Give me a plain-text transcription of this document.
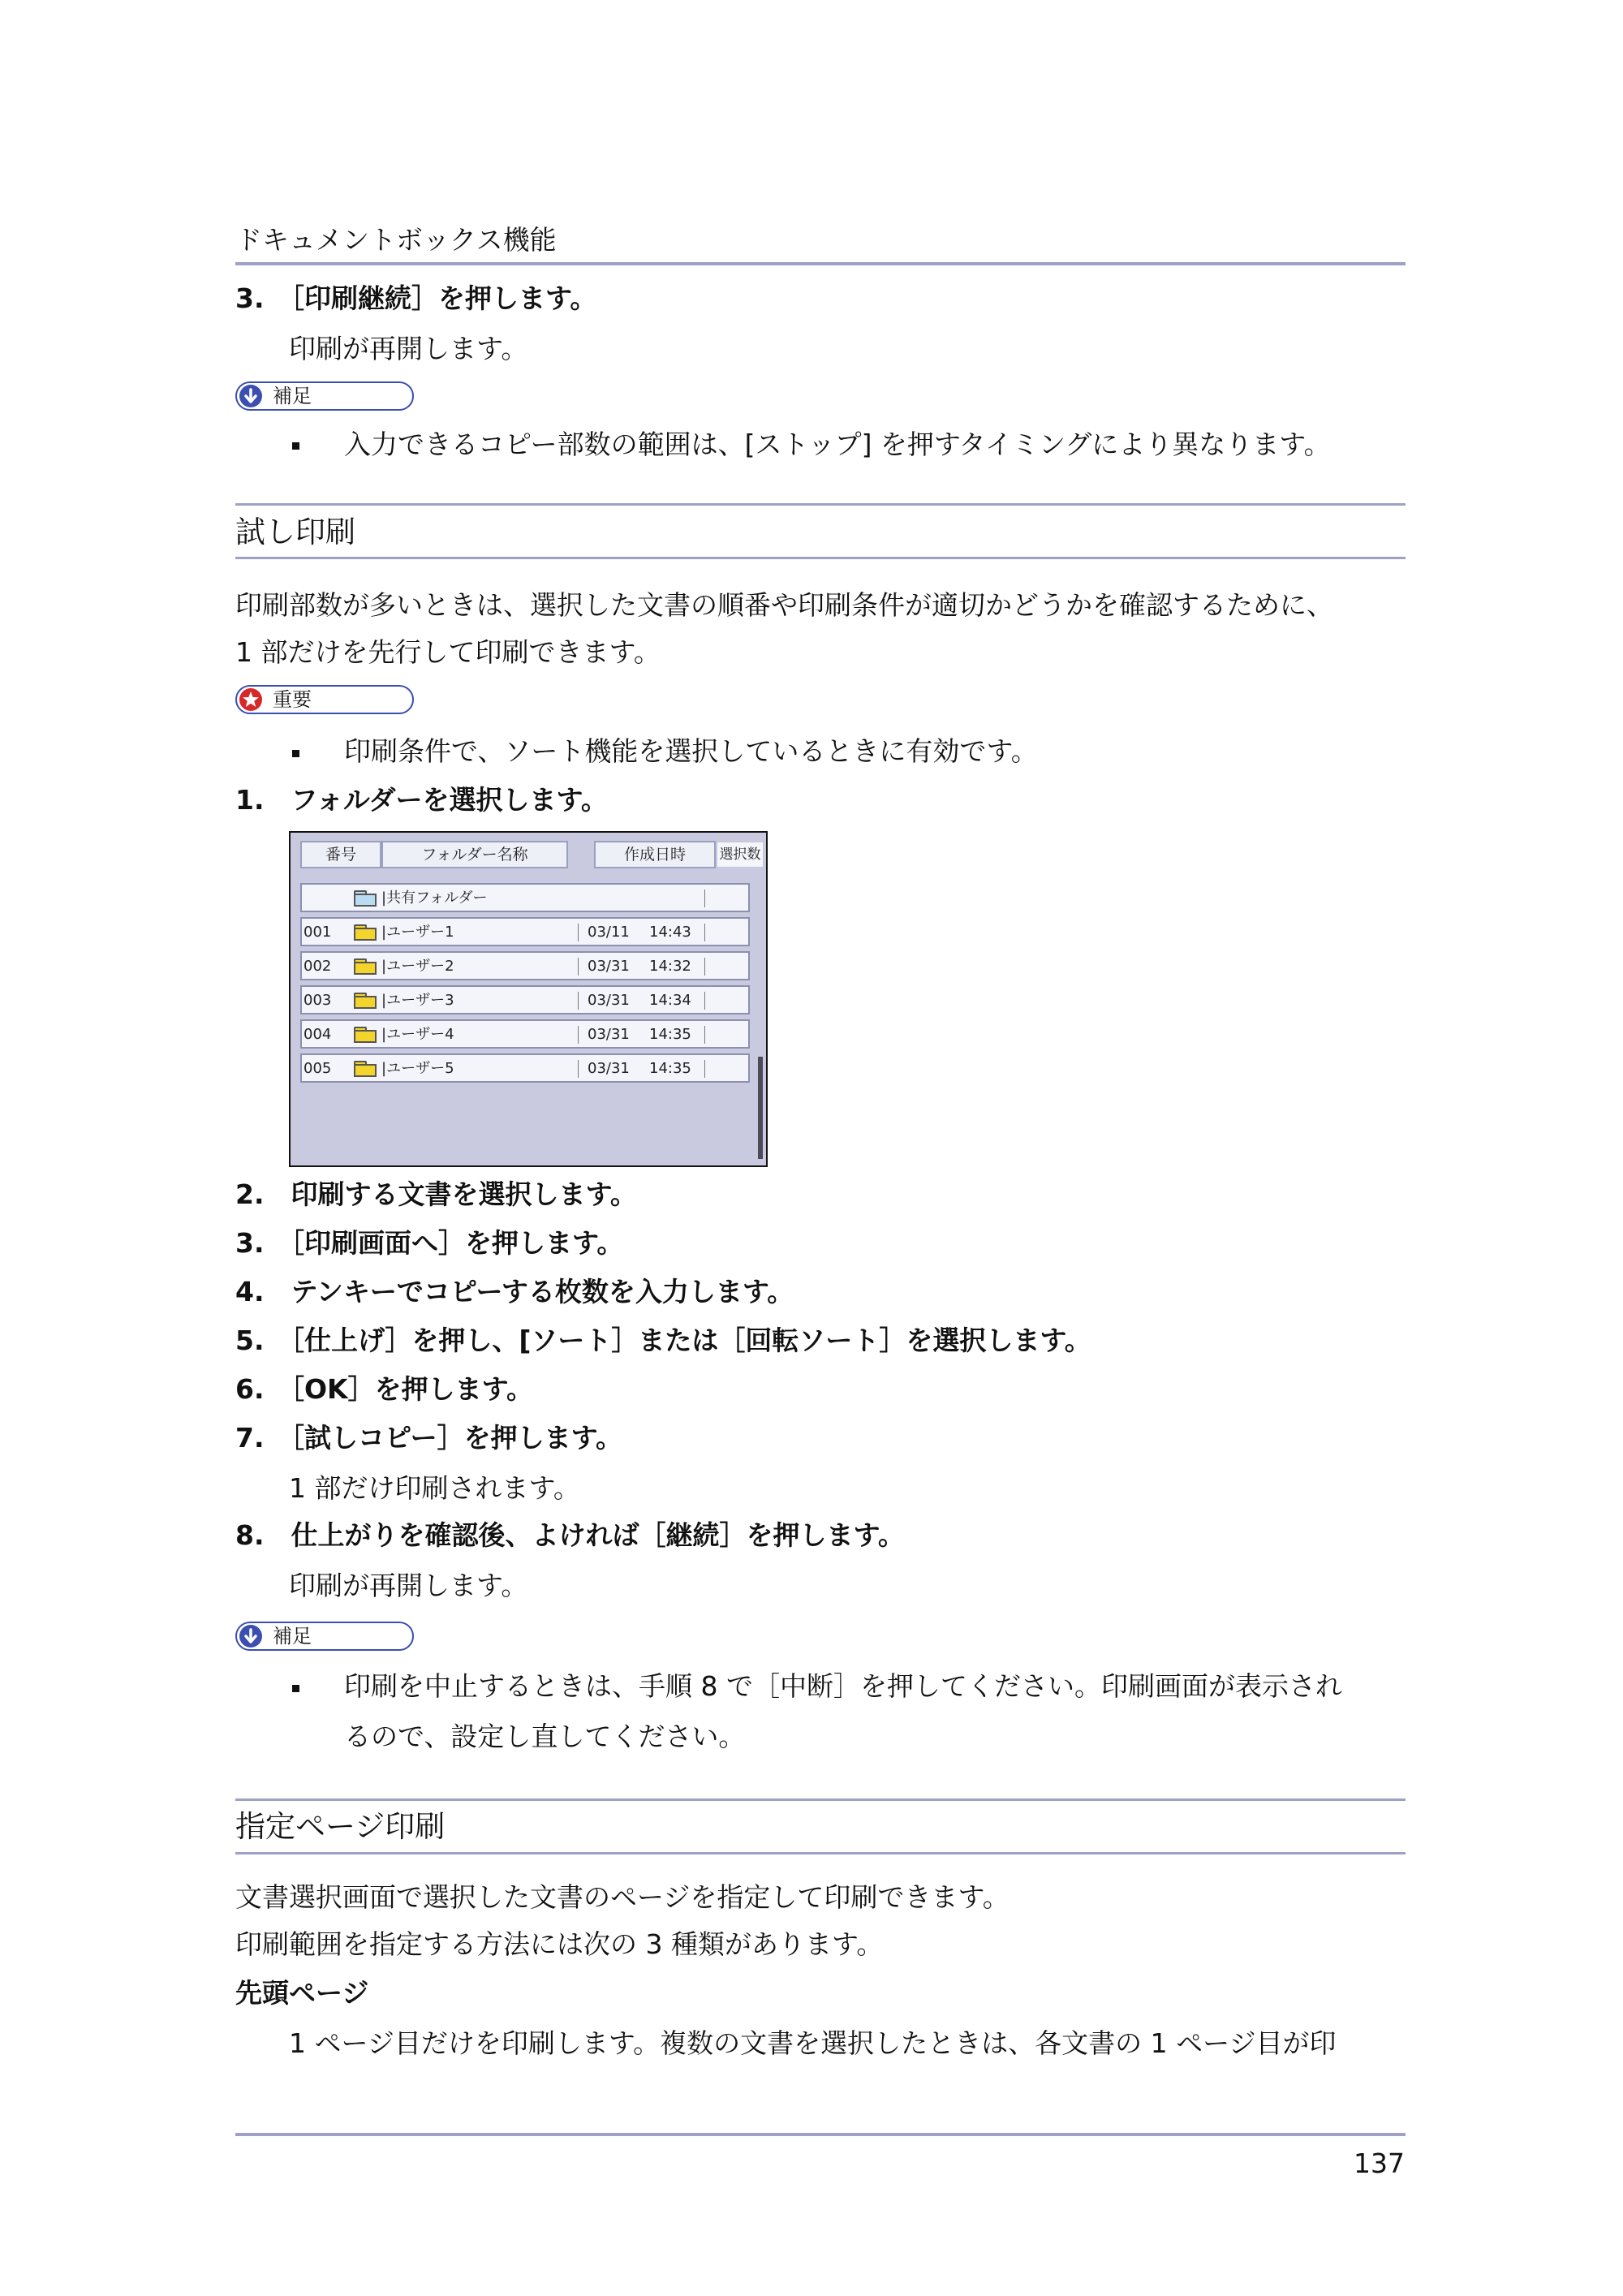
ドキュメントボックス機能
3.　［印刷継続］を押します。
印刷が再開します。
補足
入力できるコピー部数の範囲は、[ストップ] を押すタイミングにより異なります。
試し印刷
印刷部数が多いときは、選択した文書の順番や印刷条件が適切かどうかを確認するために、
1 部だけを先行して印刷できます。
重要
印刷条件で、ソート機能を選択しているときに有効です。
1.　フォルダーを選択します。
番号	フォルダー名称	作成日時	選択数
|共有フォルダー
001	|ユーザー1	03/11 14:43
002	|ユーザー2	03/31 14:32
003	|ユーザー3	03/31 14:34
004	|ユーザー4	03/31 14:35
005	|ユーザー5	03/31 14:35
2.　印刷する文書を選択します。
3.　［印刷画面へ］を押します。
4.　テンキーでコピーする枚数を入力します。
5.　［仕上げ］を押し、[ソート］または［回転ソート］を選択します。
6.　［OK］を押します。
7.　［試しコピー］を押します。
1 部だけ印刷されます。
8.　仕上がりを確認後、よければ［継続］を押します。
印刷が再開します。
補足
印刷を中止するときは、手順 8 で［中断］を押してください。印刷画面が表示され
るので、設定し直してください。
指定ページ印刷
文書選択画面で選択した文書のページを指定して印刷できます。
印刷範囲を指定する方法には次の 3 種類があります。
先頭ページ
1 ページ目だけを印刷します。複数の文書を選択したときは、各文書の 1 ページ目が印
137
